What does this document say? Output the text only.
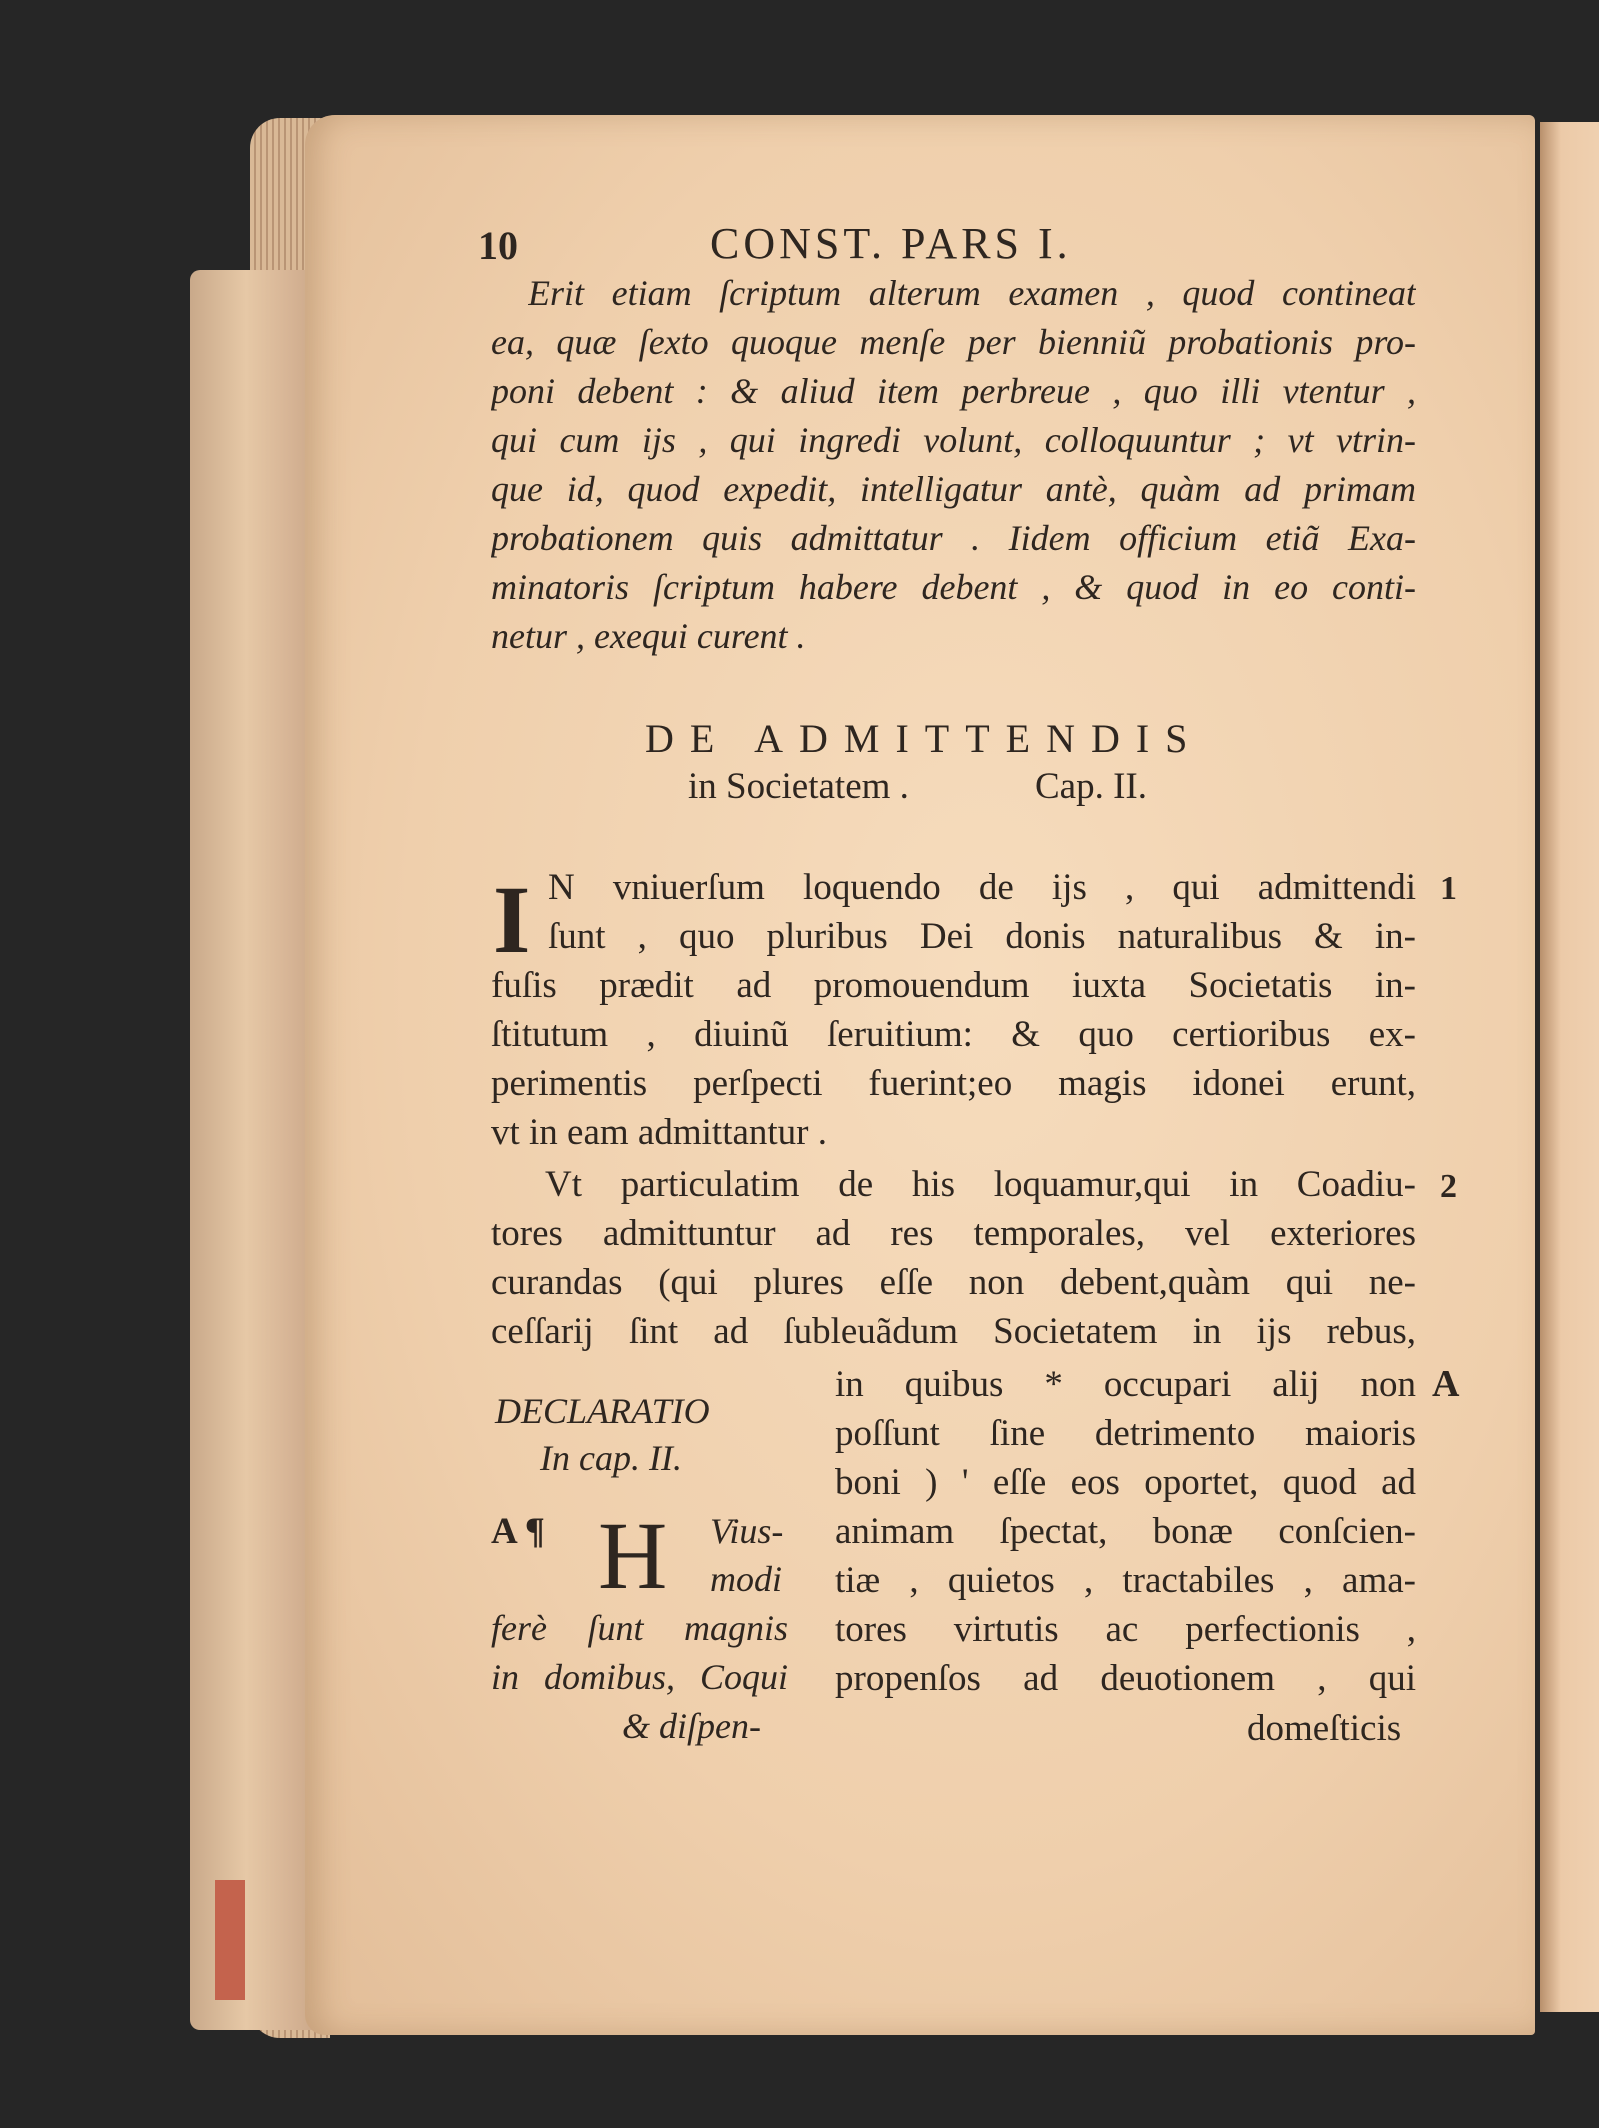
10	CONST. PARS I.
Erit etiam ſcriptum alterum examen , quod contineat
ea, quæ ſexto quoque menſe per bienniũ probationis pro-
poni debent : & aliud item perbreue , quo illi vtentur ,
qui cum ijs , qui ingredi volunt, colloquuntur ; vt vtrin-
que id, quod expedit, intelligatur antè, quàm ad primam
probationem quis admittatur . Iidem officium etiã Exa-
minatoris ſcriptum habere debent , & quod in eo conti-
netur , exequi curent .
DE ADMITTENDIS
in Societatem .	Cap. II.
I N vniuerſum loquendo de ijs , qui admittendi
ſunt , quo pluribus Dei donis naturalibus & in-
fuſis prædit ad promouendum iuxta Societatis in-
ſtitutum , diuinũ ſeruitium: & quo certioribus ex-
perimentis perſpecti fuerint;eo magis idonei erunt,
vt in eam admittantur .
1
Vt particulatim de his loquamur,qui in Coadiu-
tores admittuntur ad res temporales, vel exteriores
curandas (qui plures eſſe non debent,quàm qui ne-
ceſſarij ſint ad ſubleuãdum Societatem in ijs rebus,
2
in quibus * occupari alij non
poſſunt ſine detrimento maioris
boni ) ' eſſe eos oportet, quod ad
animam ſpectat, bonæ conſcien-
tiæ , quietos , tractabiles , ama-
tores virtutis ac perfectionis ,
propenſos ad deuotionem , qui
domeſticis
A
DECLARATIO
In cap. II.
A ¶ H Vius-
modi
ferè ſunt magnis
in domibus, Coqui
& diſpen-
